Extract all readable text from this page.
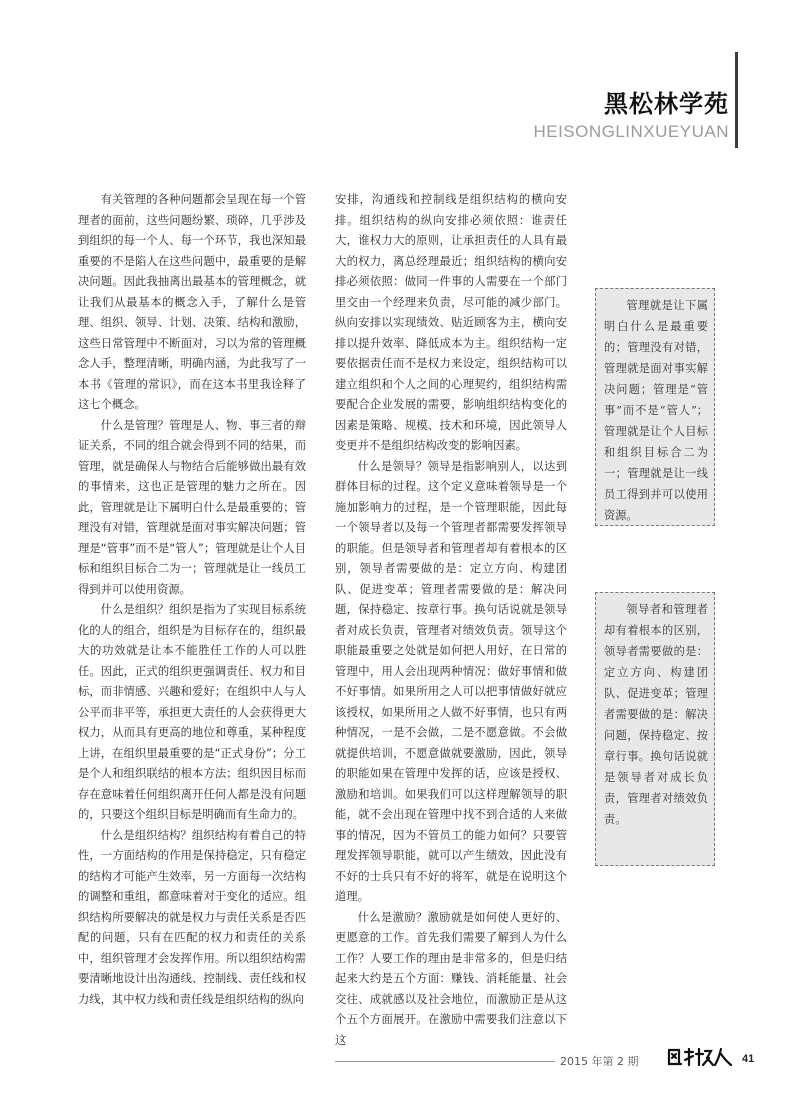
黑松林学苑
HEISONGLINXUEYUAN

有关管理的各种问题都会呈现在每一个管理者的面前，这些问题纷繁、琐碎，几乎涉及到组织的每一个人、每一个环节，我也深知最重要的不是陷人在这些问题中，最重要的是解决问题。因此我抽离出最基本的管理概念，就让我们从最基本的概念入手，了解什么是管理、组织、领导、计划、决策、结构和激励，这些日常管理中不断面对，习以为常的管理概念人手，整理清晰，明确内涵，为此我写了一本书《管理的常识》，而在这本书里我诠释了这七个概念。

什么是管理？管理是人、物、事三者的辩证关系，不同的组合就会得到不同的结果，而管理，就是确保人与物结合后能够做出最有效的事情来，这也正是管理的魅力之所在。因此，管理就是让下属明白什么是最重要的；管理没有对错，管理就是面对事实解决问题；管理是“管事”而不是“管人”；管理就是让个人目标和组织目标合二为一；管理就是让一线员工得到并可以使用资源。

什么是组织？组织是指为了实现目标系统化的人的组合，组织是为目标存在的，组织最大的功效就是让本不能胜任工作的人可以胜任。因此，正式的组织更强调责任、权力和目标，而非情感、兴趣和爱好；在组织中人与人公平而非平等，承担更大责任的人会获得更大权力，从而具有更高的地位和尊重，某种程度上讲，在组织里最重要的是“正式身份”；分工是个人和组织联结的根本方法；组织因目标而存在意味着任何组织离开任何人都是没有问题的，只要这个组织目标是明确而有生命力的。

什么是组织结构？组织结构有着自己的特性，一方面结构的作用是保持稳定，只有稳定的结构才可能产生效率，另一方面每一次结构的调整和重组，都意味着对于变化的适应。组织结构所要解决的就是权力与责任关系是否匹配的问题，只有在匹配的权力和责任的关系中，组织管理才会发挥作用。所以组织结构需要清晰地设计出沟通线、控制线、责任线和权力线，其中权力线和责任线是组织结构的纵向

安排，沟通线和控制线是组织结构的横向安排。组织结构的纵向安排必须依照：谁责任大，谁权力大的原则，让承担责任的人具有最大的权力，离总经理最近；组织结构的横向安排必须依照：做同一件事的人需要在一个部门里交由一个经理来负责，尽可能的减少部门。纵向安排以实现绩效、贴近顾客为主，横向安排以提升效率、降低成本为主。组织结构一定要依据责任而不是权力来设定，组织结构可以建立组织和个人之间的心理契约，组织结构需要配合企业发展的需要，影响组织结构变化的因素是策略、规模、技术和环境，因此领导人变更并不是组织结构改变的影响因素。

什么是领导？领导是指影响别人，以达到群体目标的过程。这个定义意味着领导是一个施加影响力的过程，是一个管理职能，因此每一个领导者以及每一个管理者都需要发挥领导的职能。但是领导者和管理者却有着根本的区别，领导者需要做的是：定立方向、构建团队、促进变革；管理者需要做的是：解决问题，保持稳定、按章行事。换句话说就是领导者对成长负责，管理者对绩效负责。领导这个职能最重要之处就是如何把人用好，在日常的管理中，用人会出现两种情况：做好事情和做不好事情。如果所用之人可以把事情做好就应该授权，如果所用之人做不好事情，也只有两种情况，一是不会做，二是不愿意做。不会做就提供培训，不愿意做就要激励，因此，领导的职能如果在管理中发挥的话，应该是授权、激励和培训。如果我们可以这样理解领导的职能，就不会出现在管理中找不到合适的人来做事的情况，因为不管员工的能力如何？只要管理发挥领导职能，就可以产生绩效，因此没有不好的士兵只有不好的将军，就是在说明这个道理。

什么是激励？激励就是如何使人更好的、更愿意的工作。首先我们需要了解到人为什么工作？人要工作的理由是非常多的，但是归结起来大约是五个方面：赚钱、消耗能量、社会交往、成就感以及社会地位，而激励正是从这个五个方面展开。在激励中需要我们注意以下这

管理就是让下属明白什么是最重要的；管理没有对错，管理就是面对事实解决问题；管理是“管事”而不是“管人”；管理就是让个人目标和组织目标合二为一；管理就是让一线员工得到并可以使用资源。

领导者和管理者却有着根本的区别，领导者需要做的是：定立方向、构建团队、促进变革；管理者需要做的是：解决问题，保持稳定、按章行事。换句话说就是领导者对成长负责，管理者对绩效负责。

2015 年第 2 期	41
